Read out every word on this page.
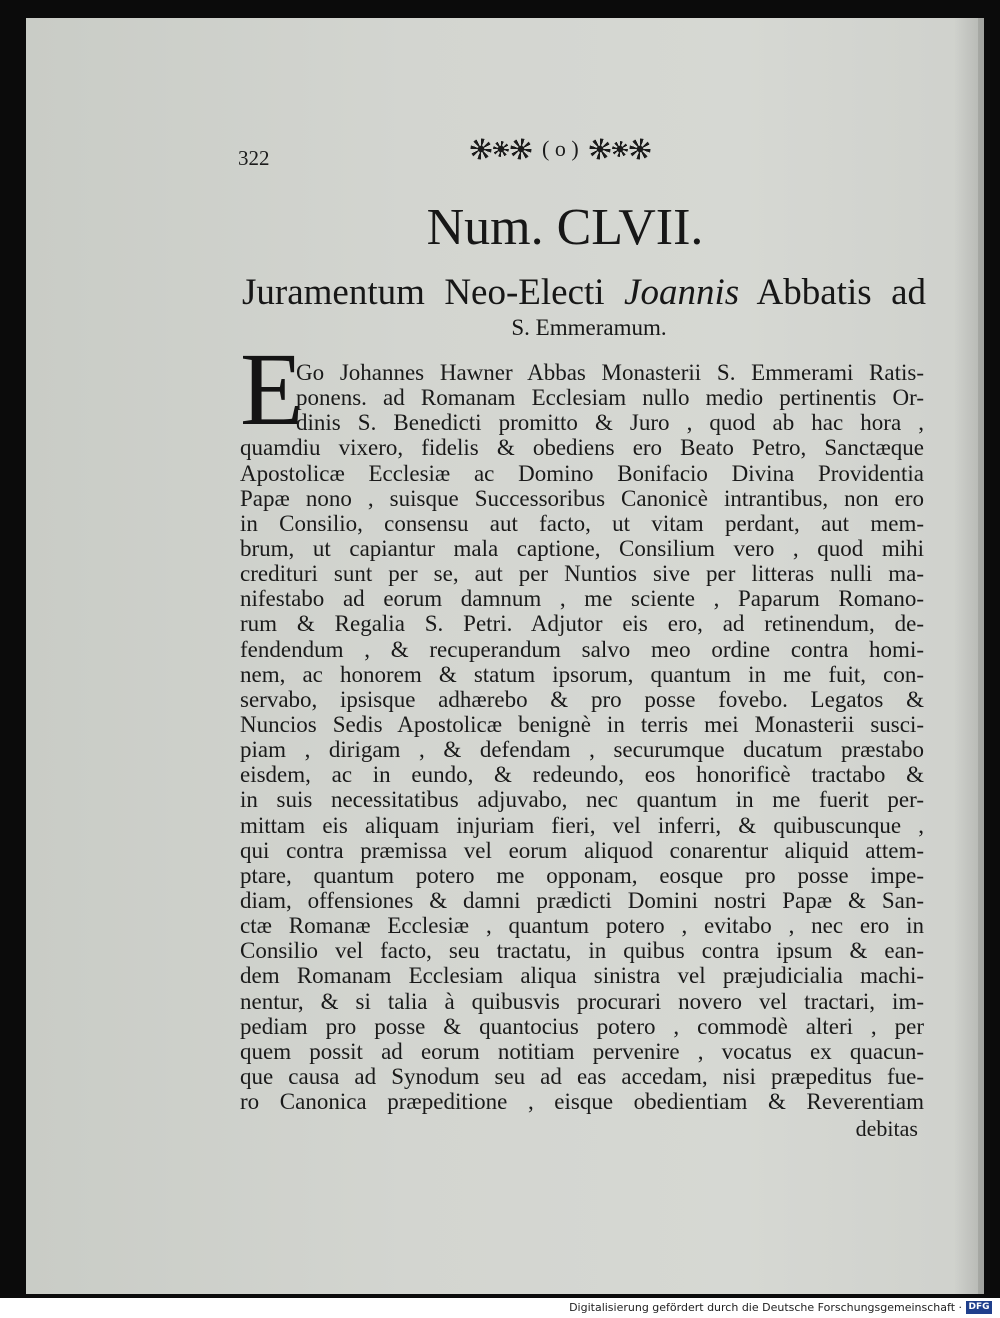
322	( o )
Num. CLVII.
Juramentum Neo-Electi Joannis Abbatis ad
S. Emmeramum.
E
Go Johannes Hawner Abbas Monasterii S. Emmerami Ratis-
ponens. ad Romanam Ecclesiam nullo medio pertinentis Or-
dinis S. Benedicti promitto & Juro , quod ab hac hora ,
quamdiu vixero, fidelis & obediens ero Beato Petro, Sanctæque
Apostolicæ Ecclesiæ ac Domino Bonifacio Divina Providentia
Papæ nono , suisque Successoribus Canonicè intrantibus, non ero
in Consilio, consensu aut facto, ut vitam perdant, aut mem-
brum, ut capiantur mala captione, Consilium vero , quod mihi
credituri sunt per se, aut per Nuntios sive per litteras nulli ma-
nifestabo ad eorum damnum , me sciente , Paparum Romano-
rum & Regalia S. Petri. Adjutor eis ero, ad retinendum, de-
fendendum , & recuperandum salvo meo ordine contra homi-
nem, ac honorem & statum ipsorum, quantum in me fuit, con-
servabo, ipsisque adhærebo & pro posse fovebo. Legatos &
Nuncios Sedis Apostolicæ benignè in terris mei Monasterii susci-
piam , dirigam , & defendam , securumque ducatum præstabo
eisdem, ac in eundo, & redeundo, eos honorificè tractabo &
in suis necessitatibus adjuvabo, nec quantum in me fuerit per-
mittam eis aliquam injuriam fieri, vel inferri, & quibuscunque ,
qui contra præmissa vel eorum aliquod conarentur aliquid attem-
ptare, quantum potero me opponam, eosque pro posse impe-
diam, offensiones & damni prædicti Domini nostri Papæ & San-
ctæ Romanæ Ecclesiæ , quantum potero , evitabo , nec ero in
Consilio vel facto, seu tractatu, in quibus contra ipsum & ean-
dem Romanam Ecclesiam aliqua sinistra vel præjudicialia machi-
nentur, & si talia à quibusvis procurari novero vel tractari, im-
pediam pro posse & quantocius potero , commodè alteri , per
quem possit ad eorum notitiam pervenire , vocatus ex quacun-
que causa ad Synodum seu ad eas accedam, nisi præpeditus fue-
ro Canonica præpeditione , eisque obedientiam & Reverentiam
debitas
Digitalisierung gefördert durch die Deutsche Forschungsgemeinschaft · DFG
